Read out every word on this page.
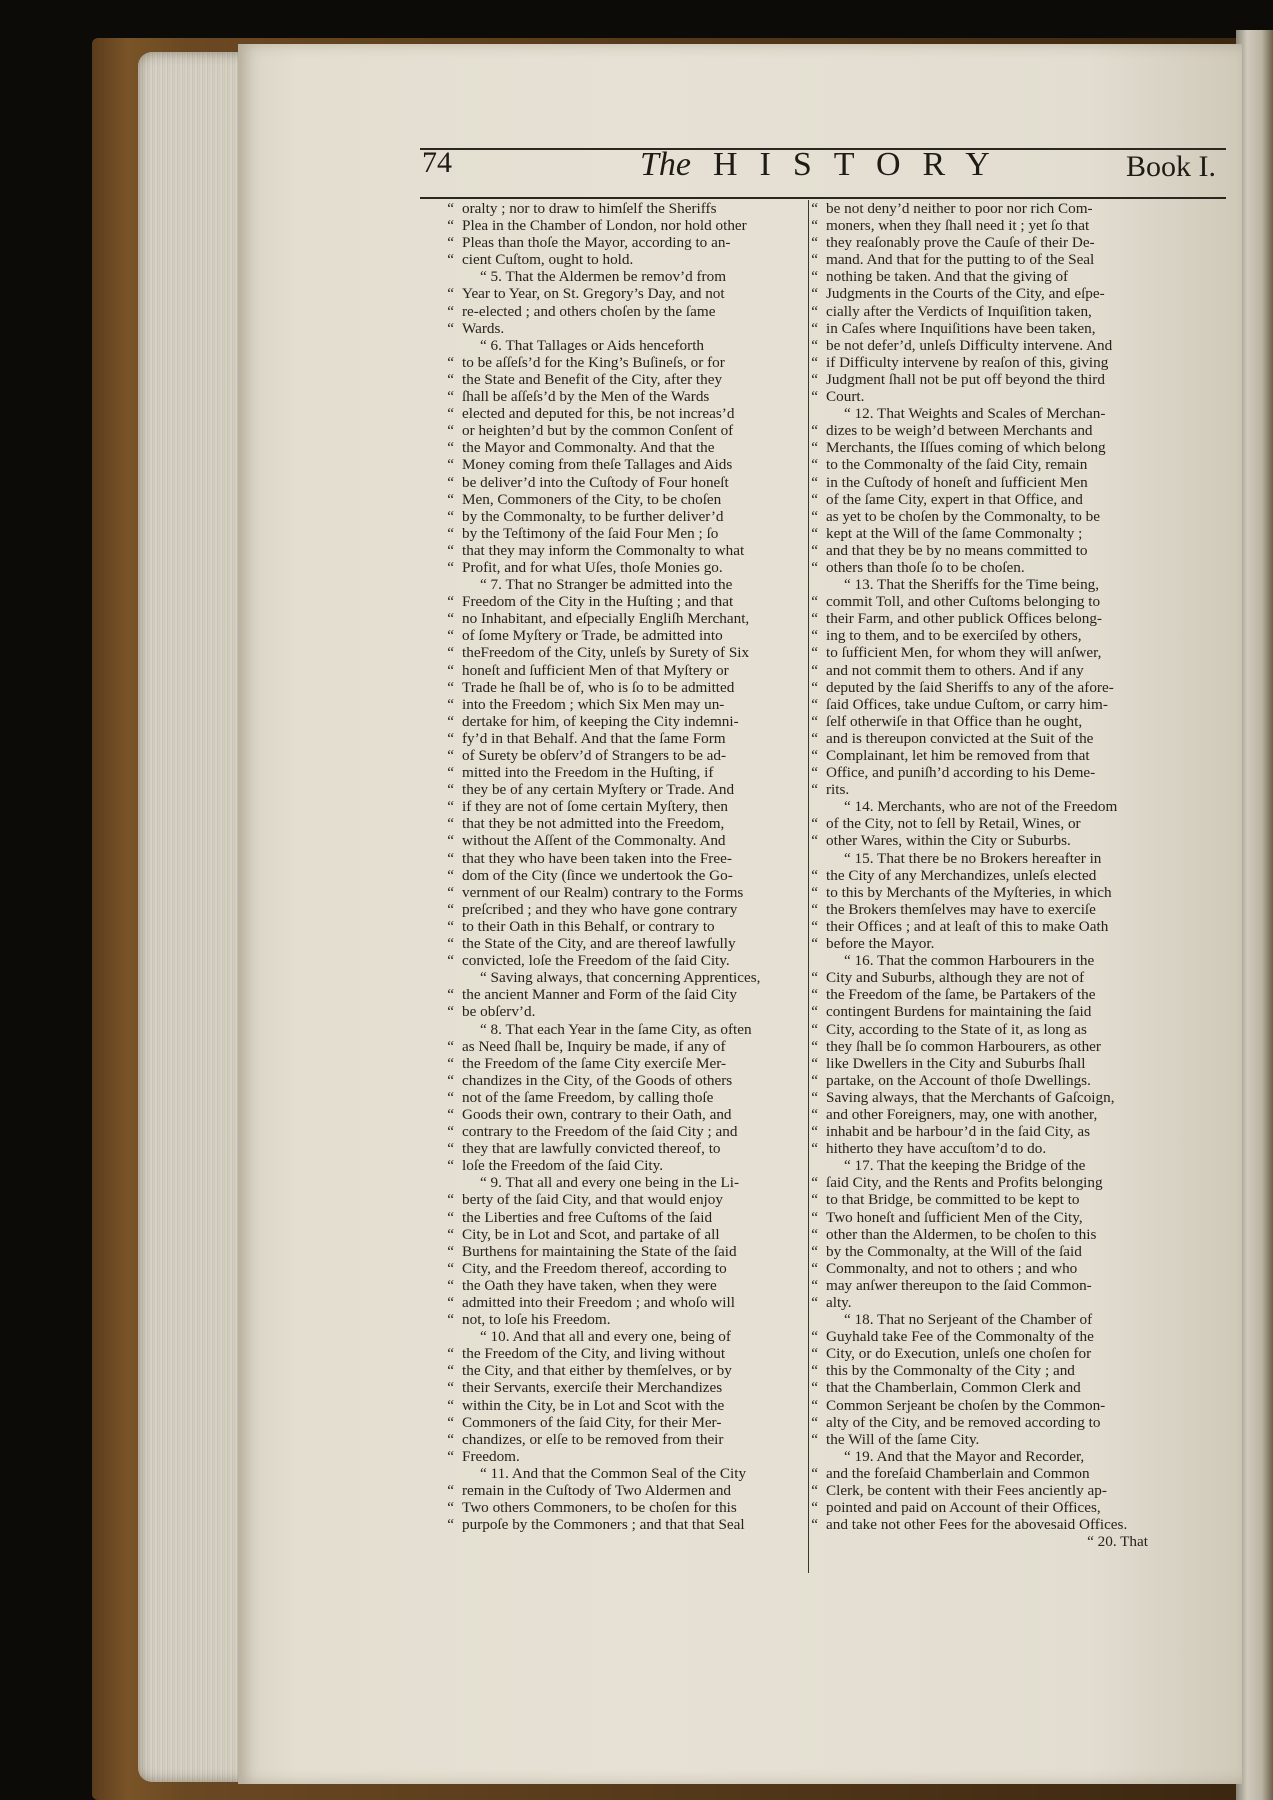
74	The HISTORY	Book I.
“ oralty ; nor to draw to himſelf the Sheriffs
“ Plea in the Chamber of London, nor hold other
“ Pleas than thoſe the Mayor, according to an-
“ cient Cuſtom, ought to hold.
“ 5. That the Aldermen be remov’d from
“ Year to Year, on St. Gregory’s Day, and not
“ re-elected ; and others choſen by the ſame
“ Wards.
“ 6. That Tallages or Aids henceforth
“ to be aſſeſs’d for the King’s Buſineſs, or for
“ the State and Benefit of the City, after they
“ ſhall be aſſeſs’d by the Men of the Wards
“ elected and deputed for this, be not increas’d
“ or heighten’d but by the common Conſent of
“ the Mayor and Commonalty. And that the
“ Money coming from theſe Tallages and Aids
“ be deliver’d into the Cuſtody of Four honeſt
“ Men, Commoners of the City, to be choſen
“ by the Commonalty, to be further deliver’d
“ by the Teſtimony of the ſaid Four Men ; ſo
“ that they may inform the Commonalty to what
“ Profit, and for what Uſes, thoſe Monies go.
“ 7. That no Stranger be admitted into the
“ Freedom of the City in the Huſting ; and that
“ no Inhabitant, and eſpecially Engliſh Merchant,
“ of ſome Myſtery or Trade, be admitted into
“ theFreedom of the City, unleſs by Surety of Six
“ honeſt and ſufficient Men of that Myſtery or
“ Trade he ſhall be of, who is ſo to be admitted
“ into the Freedom ; which Six Men may un-
“ dertake for him, of keeping the City indemni-
“ fy’d in that Behalf. And that the ſame Form
“ of Surety be obſerv’d of Strangers to be ad-
“ mitted into the Freedom in the Huſting, if
“ they be of any certain Myſtery or Trade. And
“ if they are not of ſome certain Myſtery, then
“ that they be not admitted into the Freedom,
“ without the Aſſent of the Commonalty. And
“ that they who have been taken into the Free-
“ dom of the City (ſince we undertook the Go-
“ vernment of our Realm) contrary to the Forms
“ preſcribed ; and they who have gone contrary
“ to their Oath in this Behalf, or contrary to
“ the State of the City, and are thereof lawfully
“ convicted, loſe the Freedom of the ſaid City.
“ Saving always, that concerning Apprentices,
“ the ancient Manner and Form of the ſaid City
“ be obſerv’d.
“ 8. That each Year in the ſame City, as often
“ as Need ſhall be, Inquiry be made, if any of
“ the Freedom of the ſame City exerciſe Mer-
“ chandizes in the City, of the Goods of others
“ not of the ſame Freedom, by calling thoſe
“ Goods their own, contrary to their Oath, and
“ contrary to the Freedom of the ſaid City ; and
“ they that are lawfully convicted thereof, to
“ loſe the Freedom of the ſaid City.
“ 9. That all and every one being in the Li-
“ berty of the ſaid City, and that would enjoy
“ the Liberties and free Cuſtoms of the ſaid
“ City, be in Lot and Scot, and partake of all
“ Burthens for maintaining the State of the ſaid
“ City, and the Freedom thereof, according to
“ the Oath they have taken, when they were
“ admitted into their Freedom ; and whoſo will
“ not, to loſe his Freedom.
“ 10. And that all and every one, being of
“ the Freedom of the City, and living without
“ the City, and that either by themſelves, or by
“ their Servants, exerciſe their Merchandizes
“ within the City, be in Lot and Scot with the
“ Commoners of the ſaid City, for their Mer-
“ chandizes, or elſe to be removed from their
“ Freedom.
“ 11. And that the Common Seal of the City
“ remain in the Cuſtody of Two Aldermen and
“ Two others Commoners, to be choſen for this
“ purpoſe by the Commoners ; and that that Seal
“ be not deny’d neither to poor nor rich Com-
“ moners, when they ſhall need it ; yet ſo that
“ they reaſonably prove the Cauſe of their De-
“ mand. And that for the putting to of the Seal
“ nothing be taken. And that the giving of
“ Judgments in the Courts of the City, and eſpe-
“ cially after the Verdicts of Inquiſition taken,
“ in Caſes where Inquiſitions have been taken,
“ be not defer’d, unleſs Difficulty intervene. And
“ if Difficulty intervene by reaſon of this, giving
“ Judgment ſhall not be put off beyond the third
“ Court.
“ 12. That Weights and Scales of Merchan-
“ dizes to be weigh’d between Merchants and
“ Merchants, the Iſſues coming of which belong
“ to the Commonalty of the ſaid City, remain
“ in the Cuſtody of honeſt and ſufficient Men
“ of the ſame City, expert in that Office, and
“ as yet to be choſen by the Commonalty, to be
“ kept at the Will of the ſame Commonalty ;
“ and that they be by no means committed to
“ others than thoſe ſo to be choſen.
“ 13. That the Sheriffs for the Time being,
“ commit Toll, and other Cuſtoms belonging to
“ their Farm, and other publick Offices belong-
“ ing to them, and to be exerciſed by others,
“ to ſufficient Men, for whom they will anſwer,
“ and not commit them to others. And if any
“ deputed by the ſaid Sheriffs to any of the afore-
“ ſaid Offices, take undue Cuſtom, or carry him-
“ ſelf otherwiſe in that Office than he ought,
“ and is thereupon convicted at the Suit of the
“ Complainant, let him be removed from that
“ Office, and puniſh’d according to his Deme-
“ rits.
“ 14. Merchants, who are not of the Freedom
“ of the City, not to ſell by Retail, Wines, or
“ other Wares, within the City or Suburbs.
“ 15. That there be no Brokers hereafter in
“ the City of any Merchandizes, unleſs elected
“ to this by Merchants of the Myſteries, in which
“ the Brokers themſelves may have to exerciſe
“ their Offices ; and at leaſt of this to make Oath
“ before the Mayor.
“ 16. That the common Harbourers in the
“ City and Suburbs, although they are not of
“ the Freedom of the ſame, be Partakers of the
“ contingent Burdens for maintaining the ſaid
“ City, according to the State of it, as long as
“ they ſhall be ſo common Harbourers, as other
“ like Dwellers in the City and Suburbs ſhall
“ partake, on the Account of thoſe Dwellings.
“ Saving always, that the Merchants of Gaſcoign,
“ and other Foreigners, may, one with another,
“ inhabit and be harbour’d in the ſaid City, as
“ hitherto they have accuſtom’d to do.
“ 17. That the keeping the Bridge of the
“ ſaid City, and the Rents and Profits belonging
“ to that Bridge, be committed to be kept to
“ Two honeſt and ſufficient Men of the City,
“ other than the Aldermen, to be choſen to this
“ by the Commonalty, at the Will of the ſaid
“ Commonalty, and not to others ; and who
“ may anſwer thereupon to the ſaid Common-
“ alty.
“ 18. That no Serjeant of the Chamber of
“ Guyhald take Fee of the Commonalty of the
“ City, or do Execution, unleſs one choſen for
“ this by the Commonalty of the City ; and
“ that the Chamberlain, Common Clerk and
“ Common Serjeant be choſen by the Common-
“ alty of the City, and be removed according to
“ the Will of the ſame City.
“ 19. And that the Mayor and Recorder,
“ and the foreſaid Chamberlain and Common
“ Clerk, be content with their Fees anciently ap-
“ pointed and paid on Account of their Offices,
“ and take not other Fees for the abovesaid Offices.
“ 20. That
